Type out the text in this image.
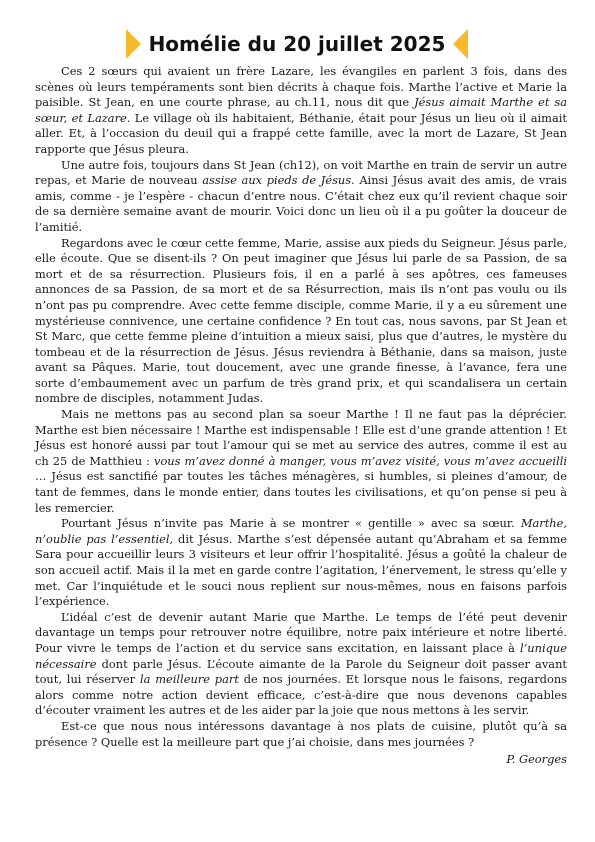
Homélie du 20 juillet 2025

Ces 2 sœurs qui avaient un frère Lazare, les évangiles en parlent 3 fois, dans des scènes où leurs tempéraments sont bien décrits à chaque fois. Marthe l’active et Marie la paisible. St Jean, en une courte phrase, au ch.11, nous dit que Jésus aimait Marthe et sa sœur, et Lazare. Le village où ils habitaient, Béthanie, était pour Jésus un lieu où il aimait aller. Et, à l’occasion du deuil qui a frappé cette famille, avec la mort de Lazare, St Jean rapporte que Jésus pleura.

Une autre fois, toujours dans St Jean (ch12), on voit Marthe en train de servir un autre repas, et Marie de nouveau assise aux pieds de Jésus. Ainsi Jésus avait des amis, de vrais amis, comme - je l’espère - chacun d’entre nous. C’était chez eux qu’il revient chaque soir de sa dernière semaine avant de mourir. Voici donc un lieu où il a pu goûter la douceur de l’amitié.

Regardons avec le cœur cette femme, Marie, assise aux pieds du Seigneur. Jésus parle, elle écoute. Que se disent-ils ? On peut imaginer que Jésus lui parle de sa Passion, de sa mort et de sa résurrection. Plusieurs fois, il en a parlé à ses apôtres, ces fameuses annonces de sa Passion, de sa mort et de sa Résurrection, mais ils n’ont pas voulu ou ils n’ont pas pu comprendre. Avec cette femme disciple, comme Marie, il y a eu sûrement une mystérieuse connivence, une certaine confidence ? En tout cas, nous savons, par St Jean et St Marc, que cette femme pleine d’intuition a mieux saisi, plus que d’autres, le mystère du tombeau et de la résurrection de Jésus. Jésus reviendra à Béthanie, dans sa maison, juste avant sa Pâques. Marie, tout doucement, avec une grande finesse, à l’avance, fera une sorte d’embaumement avec un parfum de très grand prix, et qui scandalisera un certain nombre de disciples, notamment Judas.

Mais ne mettons pas au second plan sa soeur Marthe ! Il ne faut pas la déprécier. Marthe est bien nécessaire ! Marthe est indispensable ! Elle est d’une grande attention ! Et Jésus est honoré aussi par tout l’amour qui se met au service des autres, comme il est au ch 25 de Matthieu : vous m’avez donné à manger, vous m’avez visité, vous m’avez accueilli … Jésus est sanctifié par toutes les tâches ménagères, si humbles, si pleines d’amour, de tant de femmes, dans le monde entier, dans toutes les civilisations, et qu’on pense si peu à les remercier.

Pourtant Jésus n’invite pas Marie à se montrer « gentille » avec sa sœur. Marthe, n’oublie pas l’essentiel, dit Jésus. Marthe s’est dépensée autant qu’Abraham et sa femme Sara pour accueillir leurs 3 visiteurs et leur offrir l’hospitalité. Jésus a goûté la chaleur de son accueil actif. Mais il la met en garde contre l’agitation, l’énervement, le stress qu’elle y met. Car l’inquiétude et le souci nous replient sur nous-mêmes, nous en faisons parfois l’expérience.

L’idéal c’est de devenir autant Marie que Marthe. Le temps de l’été peut devenir davantage un temps pour retrouver notre équilibre, notre paix intérieure et notre liberté. Pour vivre le temps de l’action et du service sans excitation, en laissant place à l’unique nécessaire dont parle Jésus. L’écoute aimante de la Parole du Seigneur doit passer avant tout, lui réserver la meilleure part de nos journées. Et lorsque nous le faisons, regardons alors comme notre action devient efficace, c’est-à-dire que nous devenons capables d’écouter vraiment les autres et de les aider par la joie que nous mettons à les servir.

Est-ce que nous nous intéressons davantage à nos plats de cuisine, plutôt qu’à sa présence ? Quelle est la meilleure part que j’ai choisie, dans mes journées ?

P. Georges
